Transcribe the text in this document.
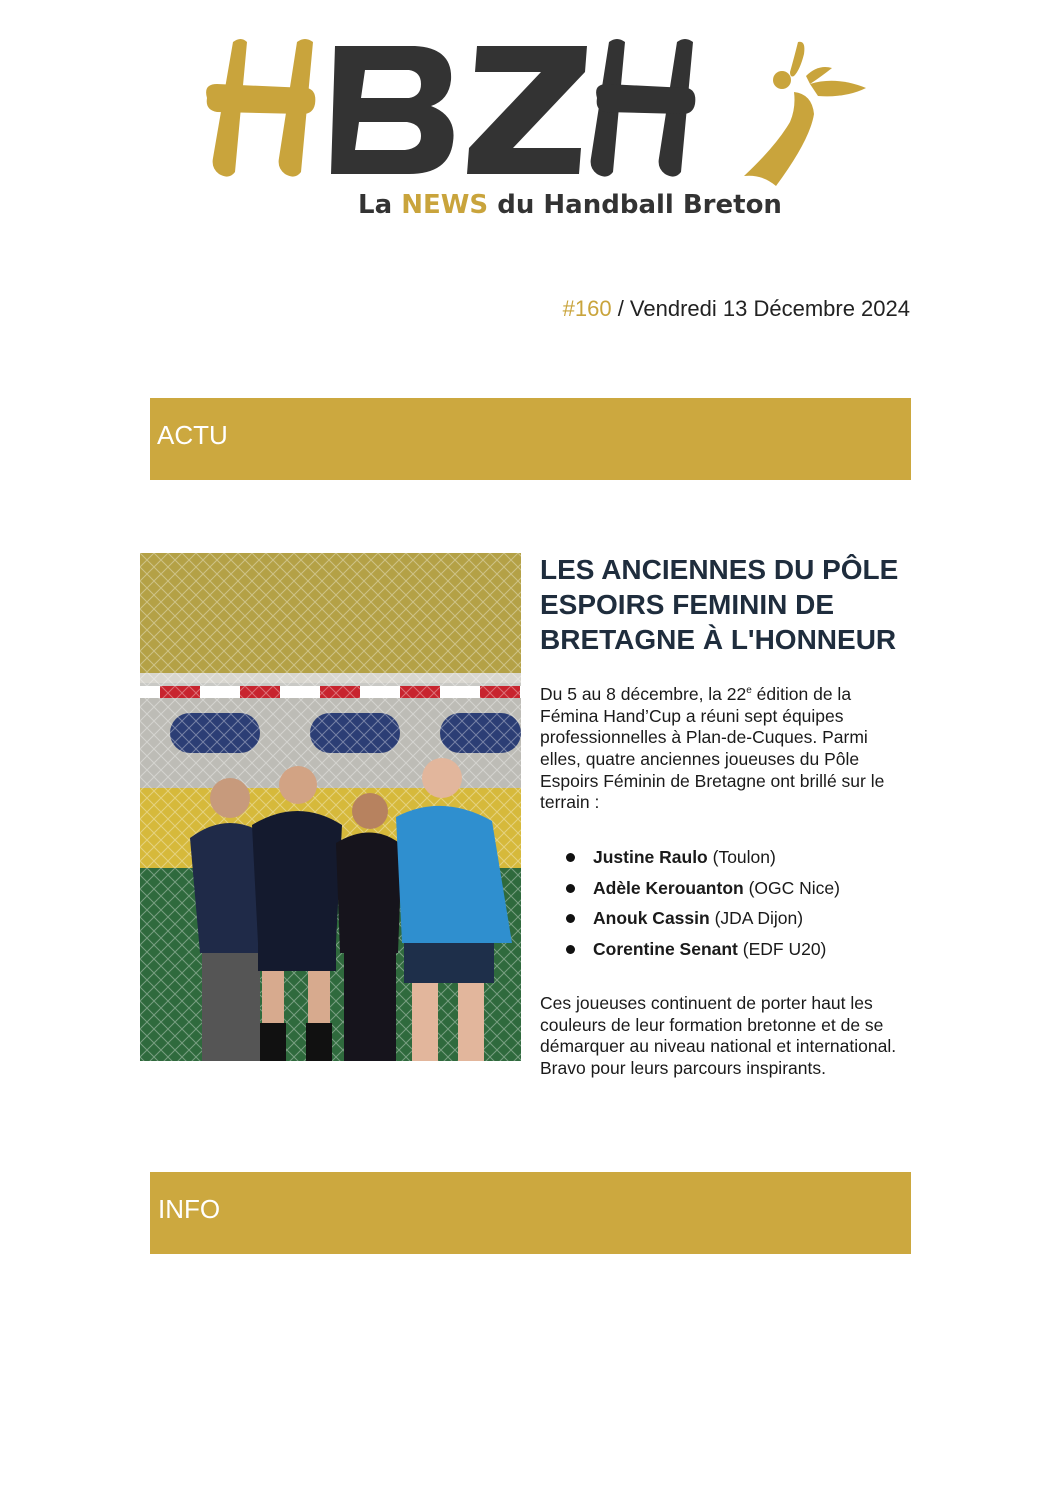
La NEWS du Handball Breton
#160 / Vendredi 13 Décembre 2024
ACTU
LES ANCIENNES DU PÔLE ESPOIRS FEMININ DE BRETAGNE À L'HONNEUR

Du 5 au 8 décembre, la 22e édition de la Fémina Hand’Cup a réuni sept équipes professionnelles à Plan-de-Cuques. Parmi elles, quatre anciennes joueuses du Pôle Espoirs Féminin de Bretagne ont brillé sur le terrain :

Justine Raulo (Toulon)
Adèle Kerouanton (OGC Nice)
Anouk Cassin (JDA Dijon)
Corentine Senant (EDF U20)

Ces joueuses continuent de porter haut les couleurs de leur formation bretonne et de se démarquer au niveau national et international. Bravo pour leurs parcours inspirants.

INFO
